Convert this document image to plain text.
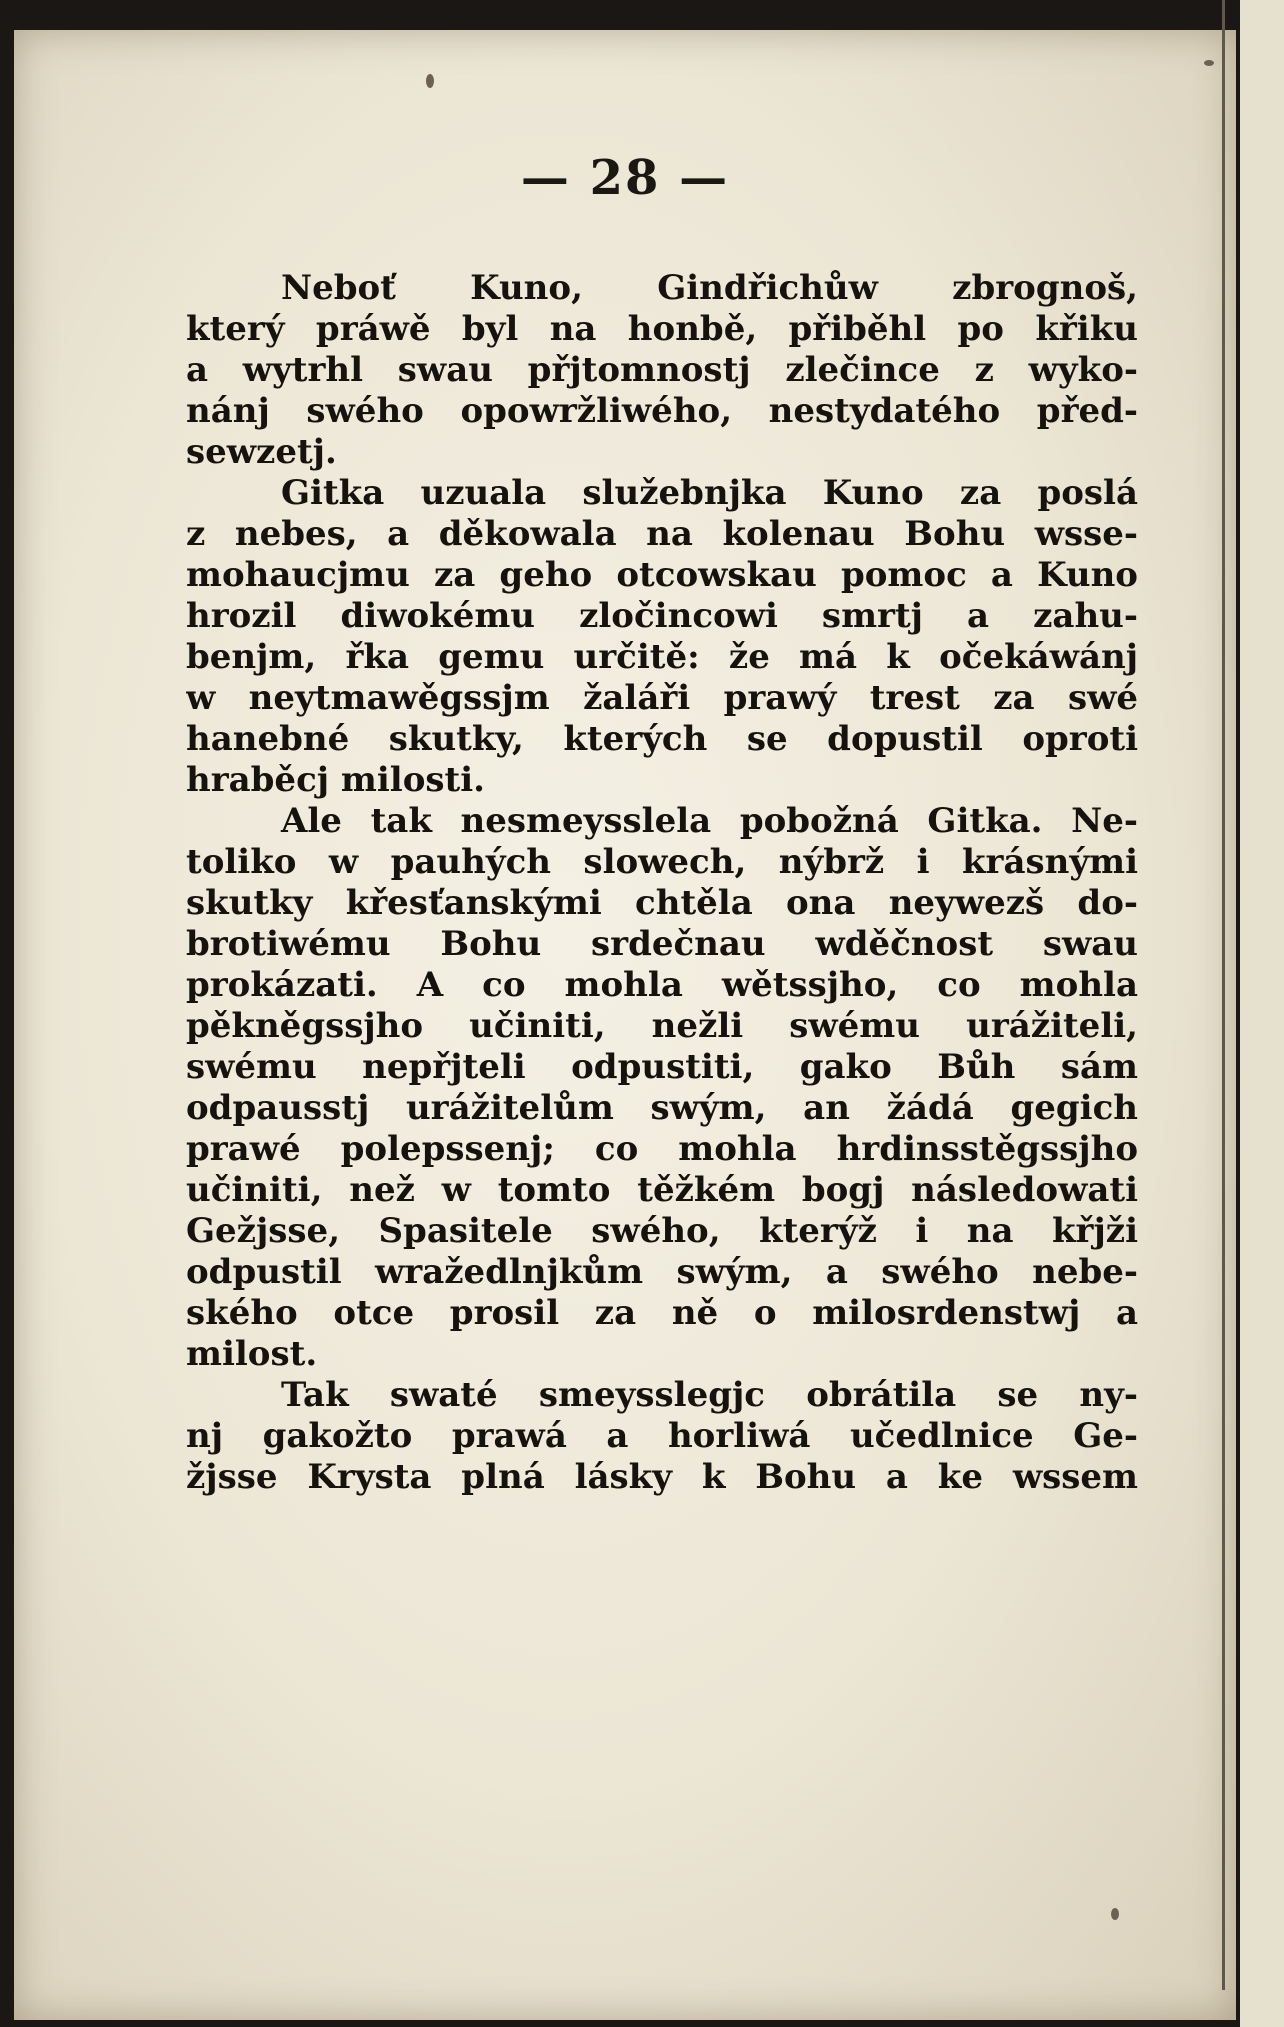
— 28 —
Neboť Kuno, Gindřichůw zbrognoš,
který práwě byl na honbě, přiběhl po křiku
a wytrhl swau přjtomnostj zlečince z wyko-
nánj swého opowržliwého, nestydatého před-
sewzetj.
Gitka uzuala služebnjka Kuno za poslá
z nebes, a děkowala na kolenau Bohu wsse-
mohaucjmu za geho otcowskau pomoc a Kuno
hrozil diwokému zločincowi smrtj a zahu-
benjm, řka gemu určitě: že má k očekáwánj
w neytmawěgssjm žaláři prawý trest za swé
hanebné skutky, kterých se dopustil oproti
hraběcj milosti.
Ale tak nesmeysslela pobožná Gitka. Ne-
tolikо w pauhých slowech, nýbrž i krásnými
skutky křesťanskými chtěla ona neywezš do-
brotiwému Bohu srdečnau wděčnost swau
prokázati. A co mohla wětssjho, co mohla
pěkněgssjho učiniti, nežli swému urážiteli,
swému nepřjteli odpustiti, gako Bůh sám
odpausstj urážitelům swým, an žádá gegich
prawé polepssenj; co mohla hrdinsstěgssjho
učiniti, než w tomto těžkém bogj následowati
Gežjsse, Spasitele swého, kterýž i na křjži
odpustil wražedlnjkům swým, a swého nebe-
ského otce prosil za ně o milosrdenstwj a
milost.
Tak swaté smeysslegjc obrátila se ny-
nj gakožto prawá a horliwá učedlnice Ge-
žjsse Krysta plná lásky k Bohu a ke wssem
